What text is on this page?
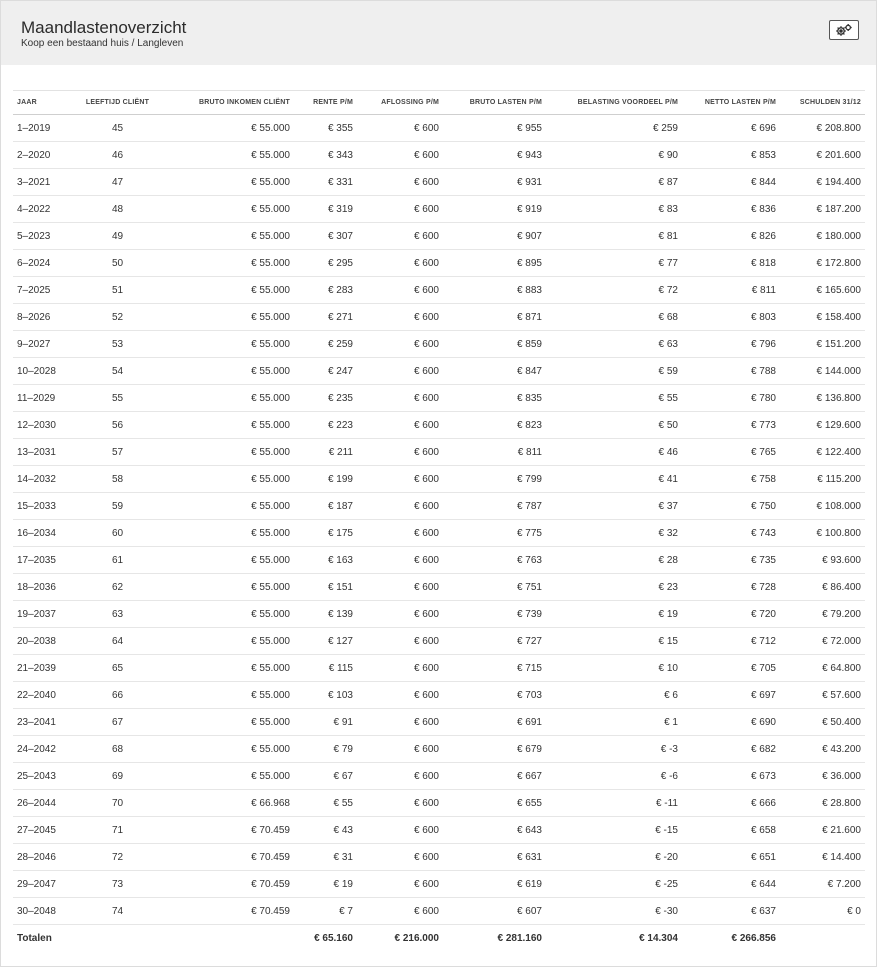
Maandlastenoverzicht
Koop een bestaand huis / Langleven
JAAR	LEEFTIJD CLIËNT	BRUTO INKOMEN CLIËNT	RENTE P/M	AFLOSSING P/M	BRUTO LASTEN P/M	BELASTING VOORDEEL P/M	NETTO LASTEN P/M	SCHULDEN 31/12
1–2019	45	€ 55.000	€ 355	€ 600	€ 955	€ 259	€ 696	€ 208.800
2–2020	46	€ 55.000	€ 343	€ 600	€ 943	€ 90	€ 853	€ 201.600
3–2021	47	€ 55.000	€ 331	€ 600	€ 931	€ 87	€ 844	€ 194.400
4–2022	48	€ 55.000	€ 319	€ 600	€ 919	€ 83	€ 836	€ 187.200
5–2023	49	€ 55.000	€ 307	€ 600	€ 907	€ 81	€ 826	€ 180.000
6–2024	50	€ 55.000	€ 295	€ 600	€ 895	€ 77	€ 818	€ 172.800
7–2025	51	€ 55.000	€ 283	€ 600	€ 883	€ 72	€ 811	€ 165.600
8–2026	52	€ 55.000	€ 271	€ 600	€ 871	€ 68	€ 803	€ 158.400
9–2027	53	€ 55.000	€ 259	€ 600	€ 859	€ 63	€ 796	€ 151.200
10–2028	54	€ 55.000	€ 247	€ 600	€ 847	€ 59	€ 788	€ 144.000
11–2029	55	€ 55.000	€ 235	€ 600	€ 835	€ 55	€ 780	€ 136.800
12–2030	56	€ 55.000	€ 223	€ 600	€ 823	€ 50	€ 773	€ 129.600
13–2031	57	€ 55.000	€ 211	€ 600	€ 811	€ 46	€ 765	€ 122.400
14–2032	58	€ 55.000	€ 199	€ 600	€ 799	€ 41	€ 758	€ 115.200
15–2033	59	€ 55.000	€ 187	€ 600	€ 787	€ 37	€ 750	€ 108.000
16–2034	60	€ 55.000	€ 175	€ 600	€ 775	€ 32	€ 743	€ 100.800
17–2035	61	€ 55.000	€ 163	€ 600	€ 763	€ 28	€ 735	€ 93.600
18–2036	62	€ 55.000	€ 151	€ 600	€ 751	€ 23	€ 728	€ 86.400
19–2037	63	€ 55.000	€ 139	€ 600	€ 739	€ 19	€ 720	€ 79.200
20–2038	64	€ 55.000	€ 127	€ 600	€ 727	€ 15	€ 712	€ 72.000
21–2039	65	€ 55.000	€ 115	€ 600	€ 715	€ 10	€ 705	€ 64.800
22–2040	66	€ 55.000	€ 103	€ 600	€ 703	€ 6	€ 697	€ 57.600
23–2041	67	€ 55.000	€ 91	€ 600	€ 691	€ 1	€ 690	€ 50.400
24–2042	68	€ 55.000	€ 79	€ 600	€ 679	€ -3	€ 682	€ 43.200
25–2043	69	€ 55.000	€ 67	€ 600	€ 667	€ -6	€ 673	€ 36.000
26–2044	70	€ 66.968	€ 55	€ 600	€ 655	€ -11	€ 666	€ 28.800
27–2045	71	€ 70.459	€ 43	€ 600	€ 643	€ -15	€ 658	€ 21.600
28–2046	72	€ 70.459	€ 31	€ 600	€ 631	€ -20	€ 651	€ 14.400
29–2047	73	€ 70.459	€ 19	€ 600	€ 619	€ -25	€ 644	€ 7.200
30–2048	74	€ 70.459	€ 7	€ 600	€ 607	€ -30	€ 637	€ 0
Totalen			€ 65.160	€ 216.000	€ 281.160	€ 14.304	€ 266.856	
